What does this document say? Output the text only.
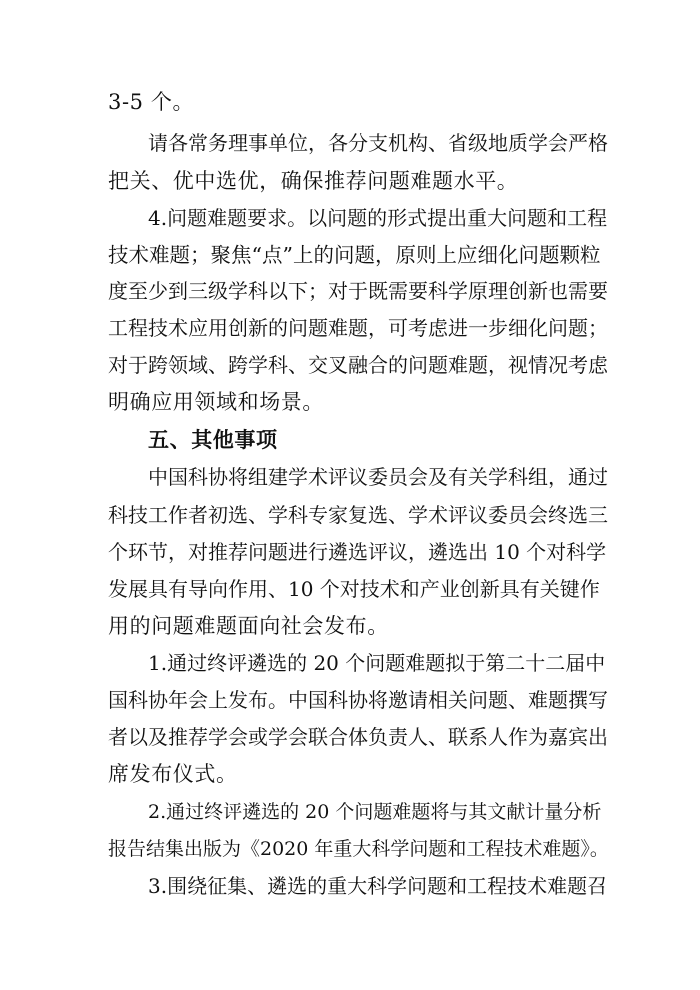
3-5 个。
请各常务理事单位，各分支机构、省级地质学会严格
把关、优中选优，确保推荐问题难题水平。
4.问题难题要求。以问题的形式提出重大问题和工程
技术难题；聚焦“点”上的问题，原则上应细化问题颗粒
度至少到三级学科以下；对于既需要科学原理创新也需要
工程技术应用创新的问题难题，可考虑进一步细化问题；
对于跨领域、跨学科、交叉融合的问题难题，视情况考虑
明确应用领域和场景。
五、其他事项
中国科协将组建学术评议委员会及有关学科组，通过
科技工作者初选、学科专家复选、学术评议委员会终选三
个环节，对推荐问题进行遴选评议，遴选出 10 个对科学
发展具有导向作用、10 个对技术和产业创新具有关键作
用的问题难题面向社会发布。
1.通过终评遴选的 20 个问题难题拟于第二十二届中
国科协年会上发布。中国科协将邀请相关问题、难题撰写
者以及推荐学会或学会联合体负责人、联系人作为嘉宾出
席发布仪式。
2.通过终评遴选的 20 个问题难题将与其文献计量分析
报告结集出版为《2020 年重大科学问题和工程技术难题》。
3.围绕征集、遴选的重大科学问题和工程技术难题召
